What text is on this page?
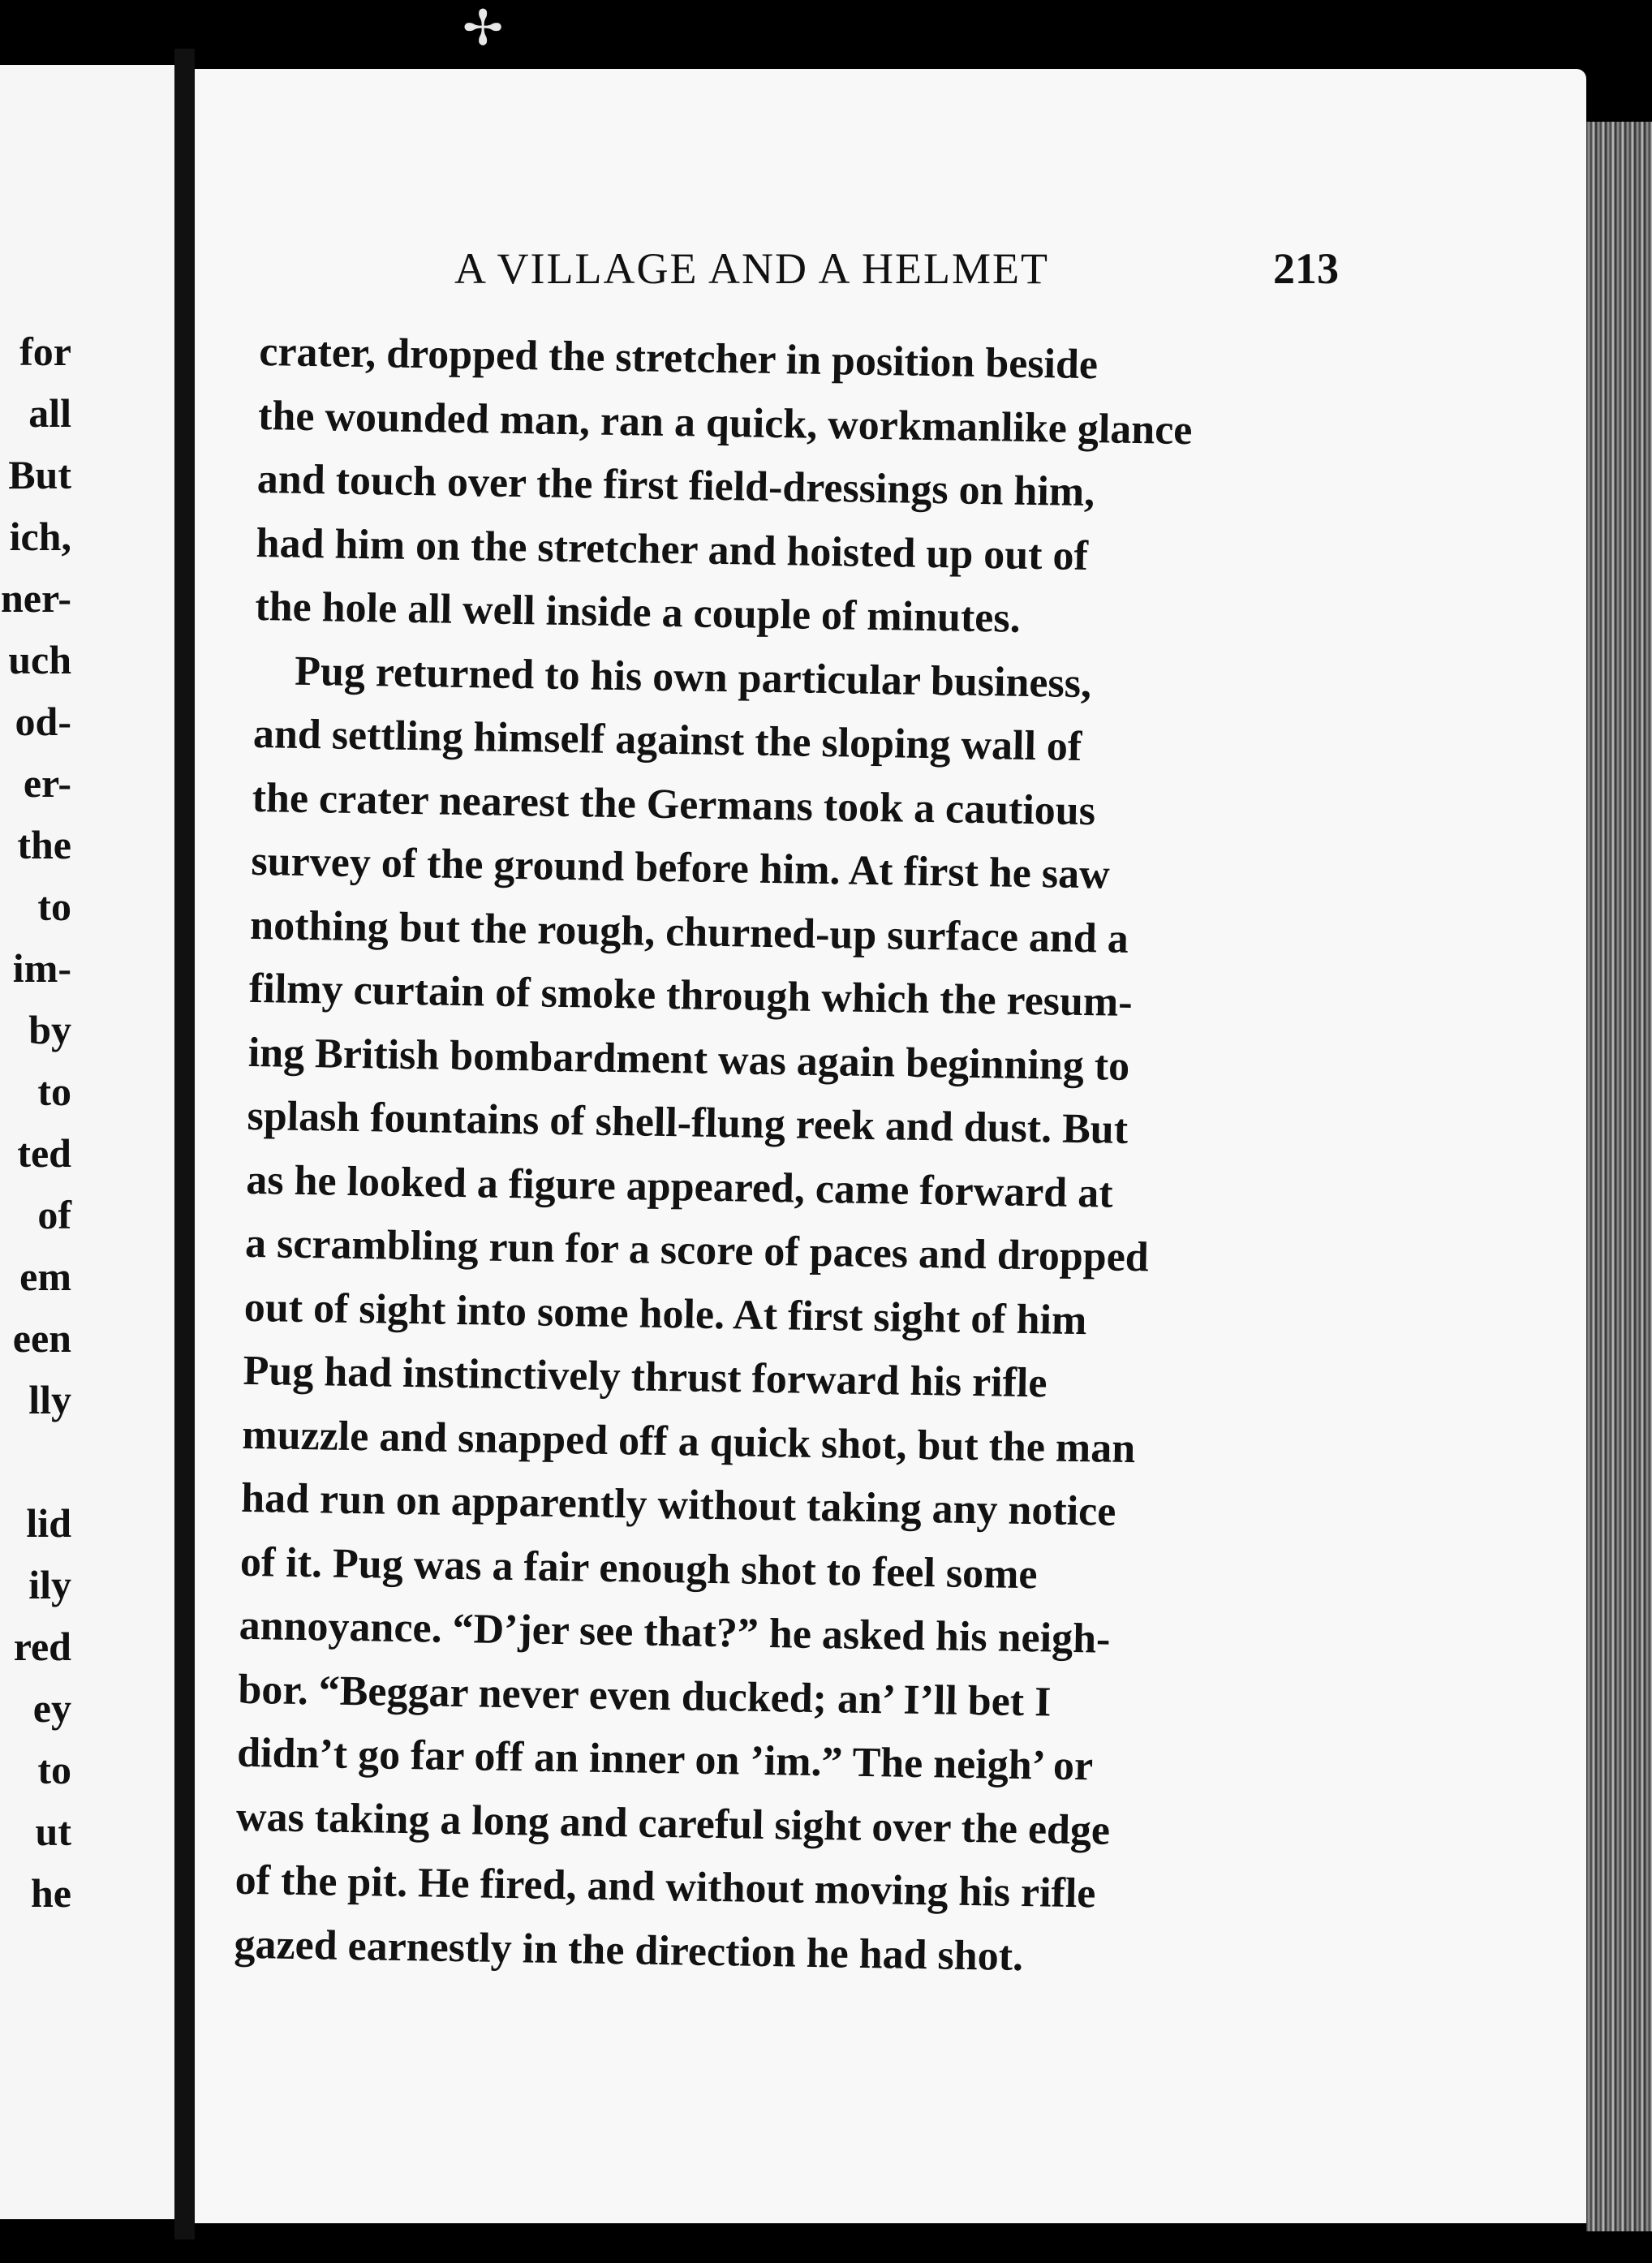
✢
for
all
But
ich,
ner-
uch
od-
er-
the
to
im-
by
to
ted
of
em
een
lly
lid
ily
red
ey
to
ut
he
A VILLAGE AND A HELMET	213
crater, dropped the stretcher in position beside
the wounded man, ran a quick, workmanlike glance
and touch over the first field-dressings on him,
had him on the stretcher and hoisted up out of
the hole all well inside a couple of minutes.
Pug returned to his own particular business,
and settling himself against the sloping wall of
the crater nearest the Germans took a cautious
survey of the ground before him. At first he saw
nothing but the rough, churned-up surface and a
filmy curtain of smoke through which the resum-
ing British bombardment was again beginning to
splash fountains of shell-flung reek and dust. But
as he looked a figure appeared, came forward at
a scrambling run for a score of paces and dropped
out of sight into some hole. At first sight of him
Pug had instinctively thrust forward his rifle
muzzle and snapped off a quick shot, but the man
had run on apparently without taking any notice
of it. Pug was a fair enough shot to feel some
annoyance. “D’jer see that?” he asked his neigh-
bor. “Beggar never even ducked; an’ I’ll bet I
didn’t go far off an inner on ’im.” The neigh’ or
was taking a long and careful sight over the edge
of the pit. He fired, and without moving his rifle
gazed earnestly in the direction he had shot.
